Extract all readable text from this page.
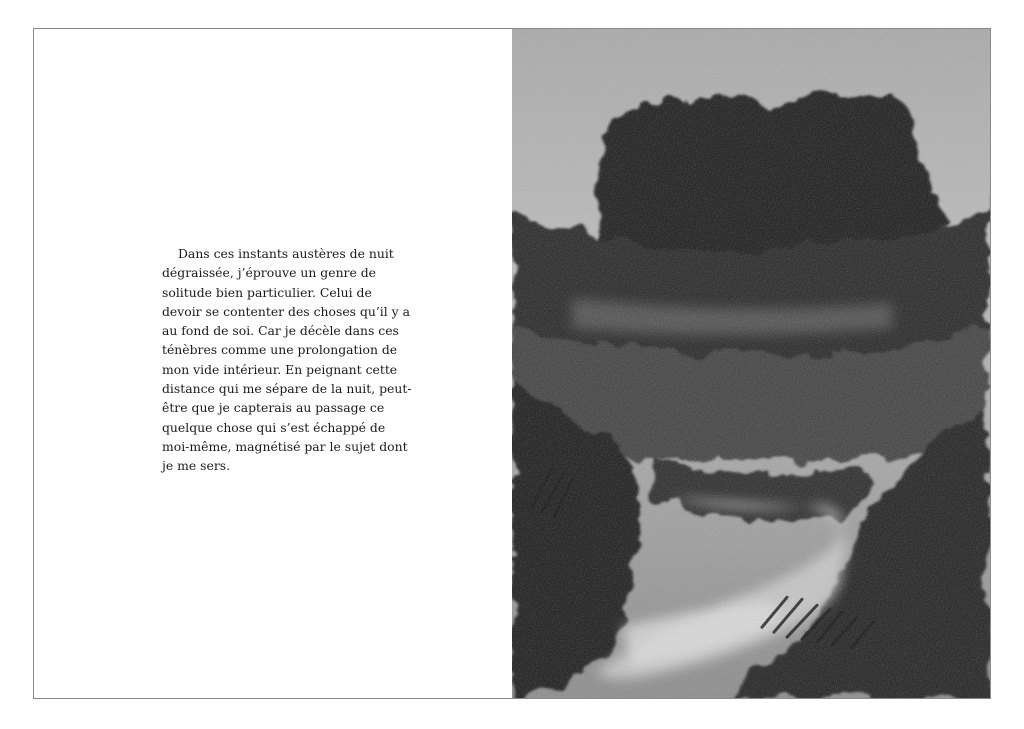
Dans ces instants austères de nuit
dégraissée, j’éprouve un genre de
solitude bien particulier. Celui de
devoir se contenter des choses qu’il y a
au fond de soi. Car je décèle dans ces
ténèbres comme une prolongation de
mon vide intérieur. En peignant cette
distance qui me sépare de la nuit, peut-
être que je capterais au passage ce
quelque chose qui s’est échappé de
moi-même, magnétisé par le sujet dont
je me sers.
